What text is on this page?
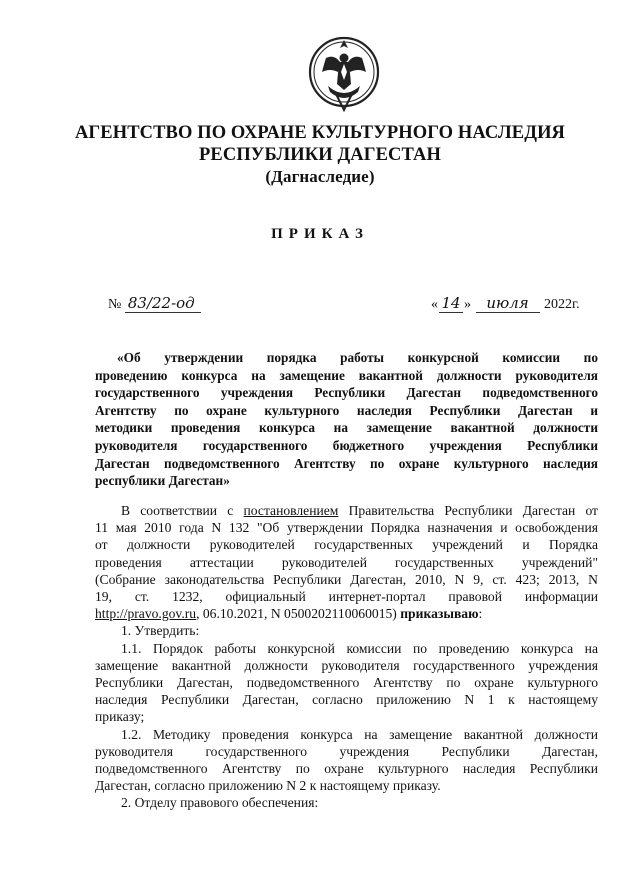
АГЕНТСТВО ПО ОХРАНЕ КУЛЬТУРНОГО НАСЛЕДИЯ
РЕСПУБЛИКИ ДАГЕСТАН
(Дагнаследие)
ПРИКАЗ
№ 83/22-од	« 14 » июля 2022г.
«Об утверждении порядка работы конкурсной комиссии по
проведению конкурса на замещение вакантной должности руководителя
государственного учреждения Республики Дагестан подведомственного
Агентству по охране культурного наследия Республики Дагестан и
методики проведения конкурса на замещение вакантной должности
руководителя государственного бюджетного учреждения Республики
Дагестан подведомственного Агентству по охране культурного наследия
республики Дагестан»
В соответствии с постановлением Правительства Республики Дагестан от
11 мая 2010 года N 132 "Об утверждении Порядка назначения и освобождения
от должности руководителей государственных учреждений и Порядка
проведения аттестации руководителей государственных учреждений"
(Собрание законодательства Республики Дагестан, 2010, N 9, ст. 423; 2013, N
19, ст. 1232, официальный интернет-портал правовой информации
http://pravo.gov.ru, 06.10.2021, N 0500202110060015) приказываю:
1. Утвердить:
1.1. Порядок работы конкурсной комиссии по проведению конкурса на
замещение вакантной должности руководителя государственного учреждения
Республики Дагестан, подведомственного Агентству по охране культурного
наследия Республики Дагестан, согласно приложению N 1 к настоящему
приказу;
1.2. Методику проведения конкурса на замещение вакантной должности
руководителя государственного учреждения Республики Дагестан,
подведомственного Агентству по охране культурного наследия Республики
Дагестан, согласно приложению N 2 к настоящему приказу.
2. Отделу правового обеспечения:
